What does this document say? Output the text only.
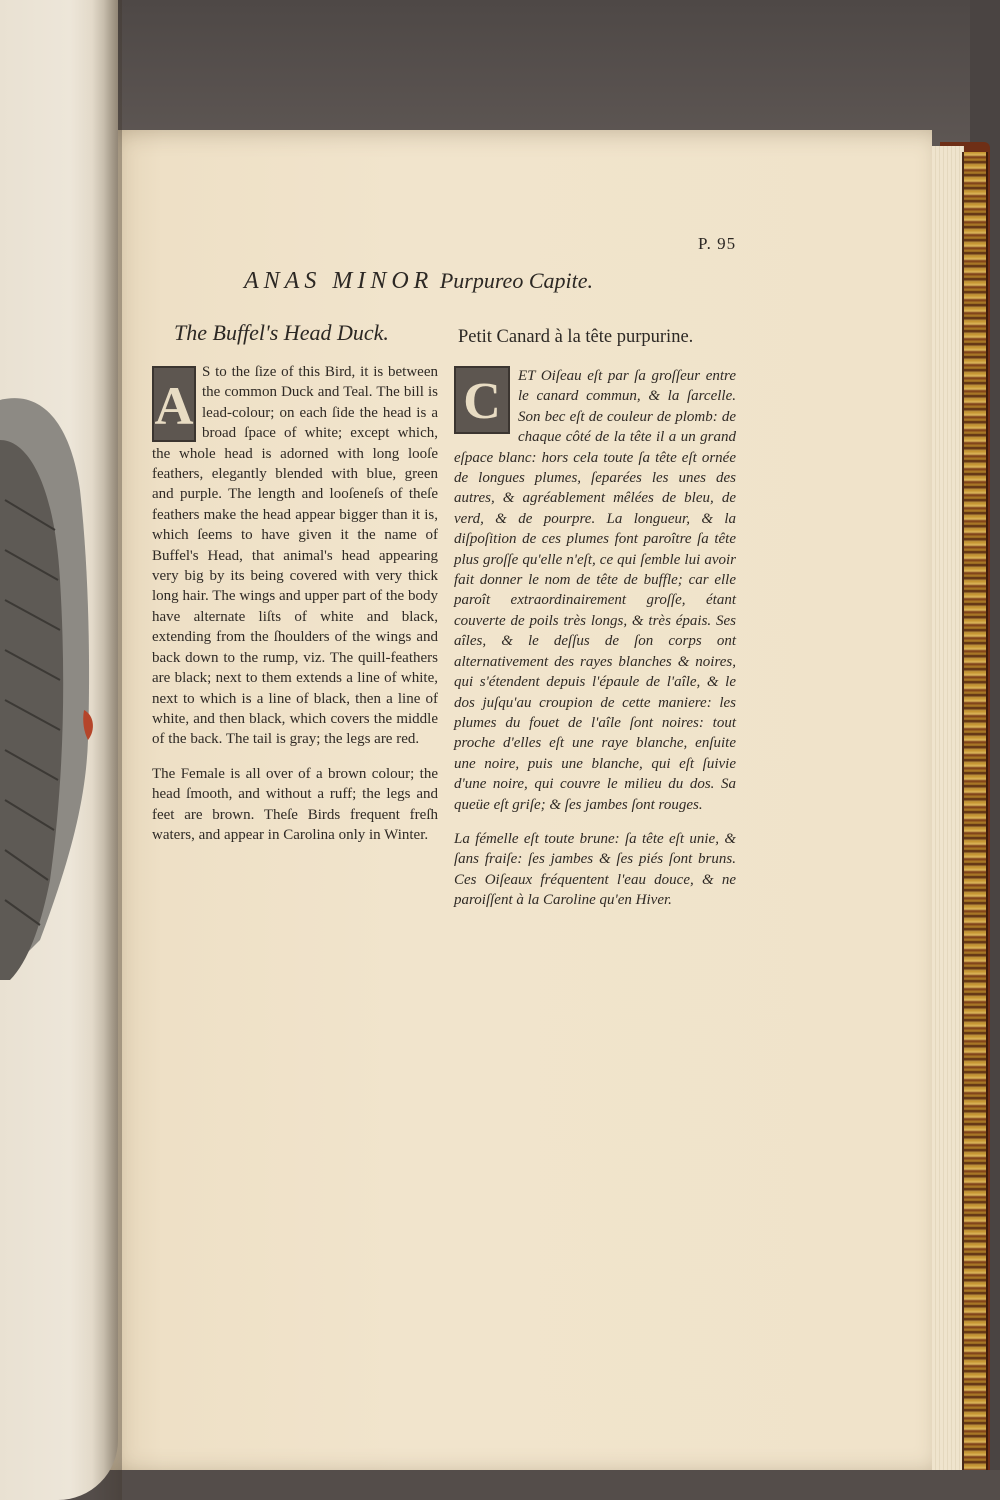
P. 95
ANAS MINOR Purpureo Capite.
The Buffel's Head Duck.	Petit Canard à la tête purpurine.

A
S to the ſize of this Bird, it is between the common Duck and Teal. The bill is lead-colour; on each ſide the head is a broad ſpace of white; except which, the whole head is adorned with long looſe feathers, elegantly blended with blue, green and purple. The length and looſeneſs of theſe feathers make the head appear bigger than it is, which ſeems to have given it the name of Buffel's Head, that animal's head appearing very big by its being covered with very thick long hair. The wings and upper part of the body have alternate liſts of white and black, extending from the ſhoulders of the wings and back down to the rump, viz. The quill-feathers are black; next to them extends a line of white, next to which is a line of black, then a line of white, and then black, which covers the middle of the back. The tail is gray; the legs are red.

The Female is all over of a brown colour; the head ſmooth, and without a ruff; the legs and feet are brown. Theſe Birds frequent freſh waters, and appear in Carolina only in Winter.

C	ET Oiſeau eſt par ſa groſſeur entre le canard commun, & la ſarcelle. Son bec eſt de couleur de plomb: de chaque côté de la tête il a un grand eſpace blanc: hors cela toute ſa tête eſt ornée de longues plumes, ſeparées les unes des autres, & agréablement mêlées de bleu, de verd, & de pourpre. La longueur, & la diſpoſition de ces plumes font paroître ſa tête plus groſſe qu'elle n'eſt, ce qui ſemble lui avoir fait donner le nom de tête de buffle; car elle paroît extraordinairement groſſe, étant couverte de poils très longs, & très épais. Ses aîles, & le deſſus de ſon corps ont alternativement des rayes blanches & noires, qui s'étendent depuis l'épaule de l'aîle, & le dos juſqu'au croupion de cette maniere: les plumes du fouet de l'aîle ſont noires: tout proche d'elles eſt une raye blanche, enſuite une noire, puis une blanche, qui eſt ſuivie d'une noire, qui couvre le milieu du dos. Sa queüe eſt griſe; & ſes jambes ſont rouges.

La fémelle eſt toute brune: ſa tête eſt unie, & ſans fraiſe: ſes jambes & ſes piés ſont bruns. Ces Oiſeaux fréquentent l'eau douce, & ne paroiſſent à la Caroline qu'en Hiver.
